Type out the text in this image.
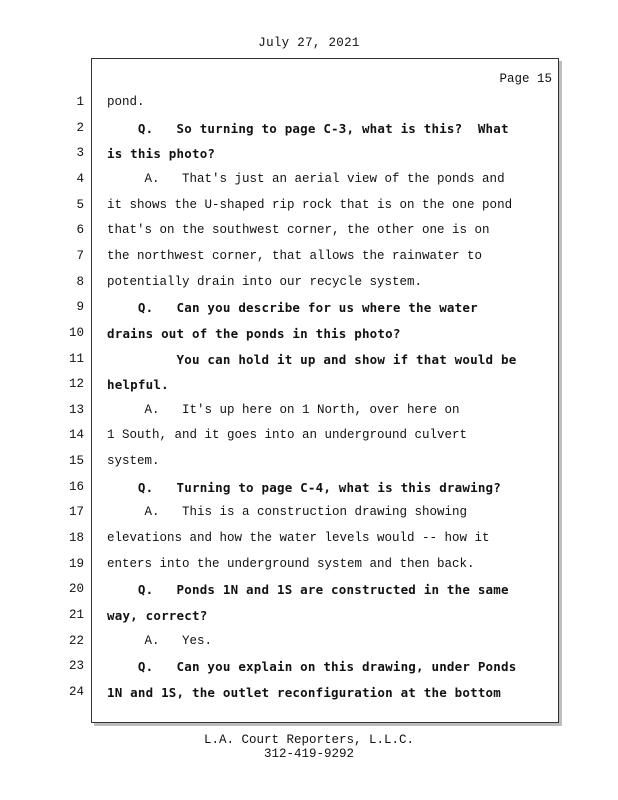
July 27, 2021
Page 15
1 pond.
2 Q.   So turning to page C-3, what is this?  What
3 is this photo?
4 A.   That's just an aerial view of the ponds and
5 it shows the U-shaped rip rock that is on the one pond
6 that's on the southwest corner, the other one is on
7 the northwest corner, that allows the rainwater to
8 potentially drain into our recycle system.
9 Q.   Can you describe for us where the water
10 drains out of the ponds in this photo?
11 You can hold it up and show if that would be
12 helpful.
13 A.   It's up here on 1 North, over here on
14 1 South, and it goes into an underground culvert
15 system.
16 Q.   Turning to page C-4, what is this drawing?
17 A.   This is a construction drawing showing
18 elevations and how the water levels would -- how it
19 enters into the underground system and then back.
20 Q.   Ponds 1N and 1S are constructed in the same
21 way, correct?
22 A.   Yes.
23 Q.   Can you explain on this drawing, under Ponds
24 1N and 1S, the outlet reconfiguration at the bottom
L.A. Court Reporters, L.L.C.
312-419-9292
